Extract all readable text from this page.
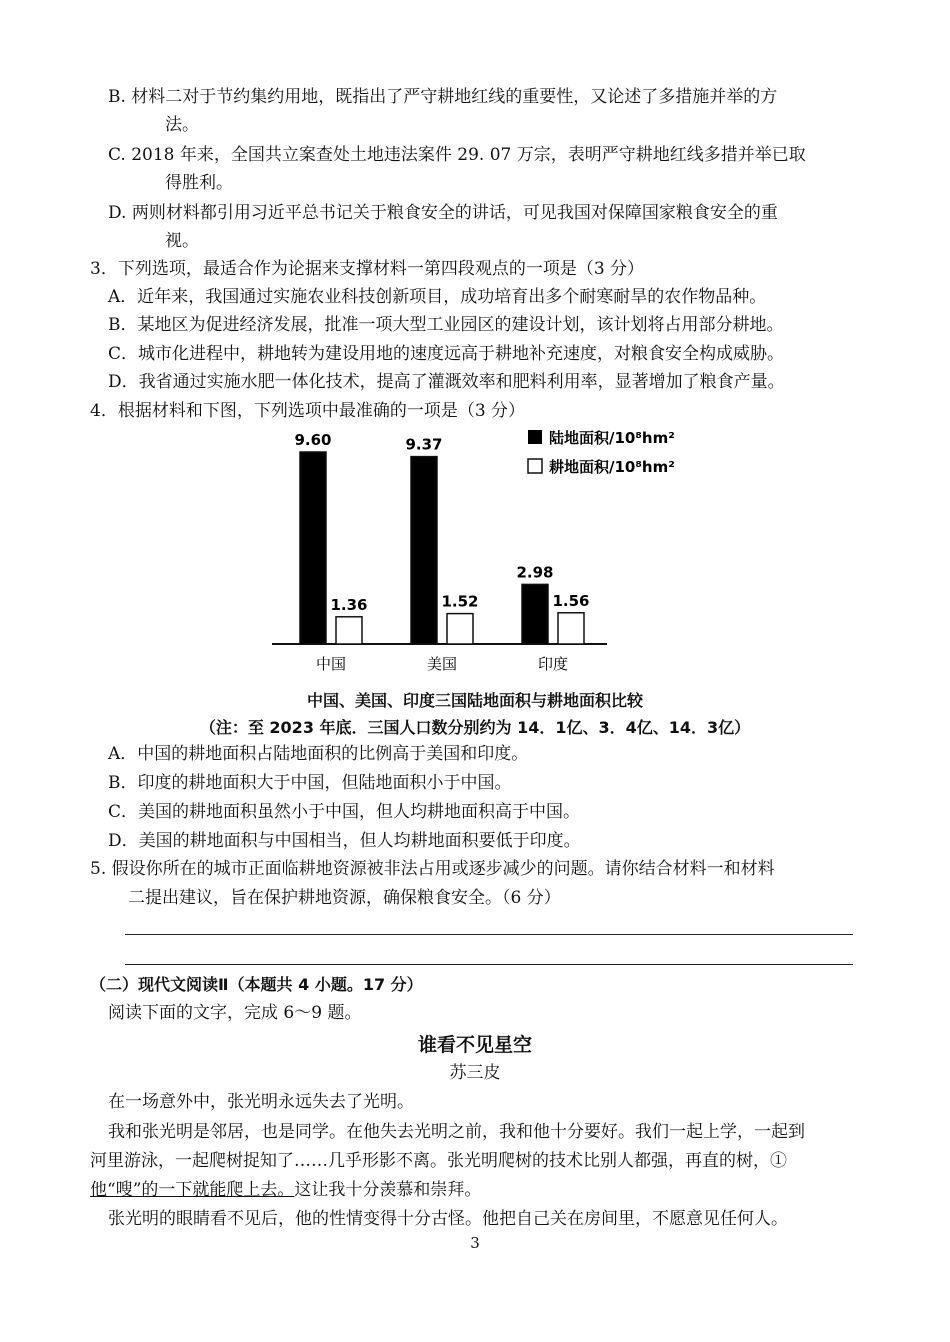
B. 材料二对于节约集约用地，既指出了严守耕地红线的重要性，又论述了多措施并举的方
法。
C. 2018 年来，全国共立案查处土地违法案件 29. 07 万宗，表明严守耕地红线多措并举已取
得胜利。
D. 两则材料都引用习近平总书记关于粮食安全的讲话，可见我国对保障国家粮食安全的重
视。
3．下列选项，最适合作为论据来支撑材料一第四段观点的一项是（3 分）
A．近年来，我国通过实施农业科技创新项目，成功培育出多个耐寒耐旱的农作物品种。
B．某地区为促进经济发展，批准一项大型工业园区的建设计划，该计划将占用部分耕地。
C．城市化进程中，耕地转为建设用地的速度远高于耕地补充速度，对粮食安全构成威胁。
D．我省通过实施水肥一体化技术，提高了灌溉效率和肥料利用率，显著增加了粮食产量。
4．根据材料和下图，下列选项中最准确的一项是（3 分）
9.60
1.36
中国
9.37
1.52
美国
2.98
1.56
印度
陆地面积/10⁸hm²
耕地面积/10⁸hm²
中国、美国、印度三国陆地面积与耕地面积比较
（注：至 2023 年底．三国人口数分别约为 14．1亿、3．4亿、14．3亿）
A．中国的耕地面积占陆地面积的比例高于美国和印度。
B．印度的耕地面积大于中国，但陆地面积小于中国。
C．美国的耕地面积虽然小于中国，但人均耕地面积高于中国。
D．美国的耕地面积与中国相当，但人均耕地面积要低于印度。
5. 假设你所在的城市正面临耕地资源被非法占用或逐步减少的问题。请你结合材料一和材料
二提出建议，旨在保护耕地资源，确保粮食安全。（6 分）
（二）现代文阅读Ⅱ（本题共 4 小题。17 分）
阅读下面的文字，完成 6～9 题。
谁看不见星空
苏三皮
在一场意外中，张光明永远失去了光明。
我和张光明是邻居，也是同学。在他失去光明之前，我和他十分要好。我们一起上学，一起到
河里游泳，一起爬树捉知了……几乎形影不离。张光明爬树的技术比别人都强，再直的树，①
他“嗖”的一下就能爬上去。这让我十分羡慕和崇拜。
张光明的眼睛看不见后，他的性情变得十分古怪。他把自己关在房间里，不愿意见任何人。
3
